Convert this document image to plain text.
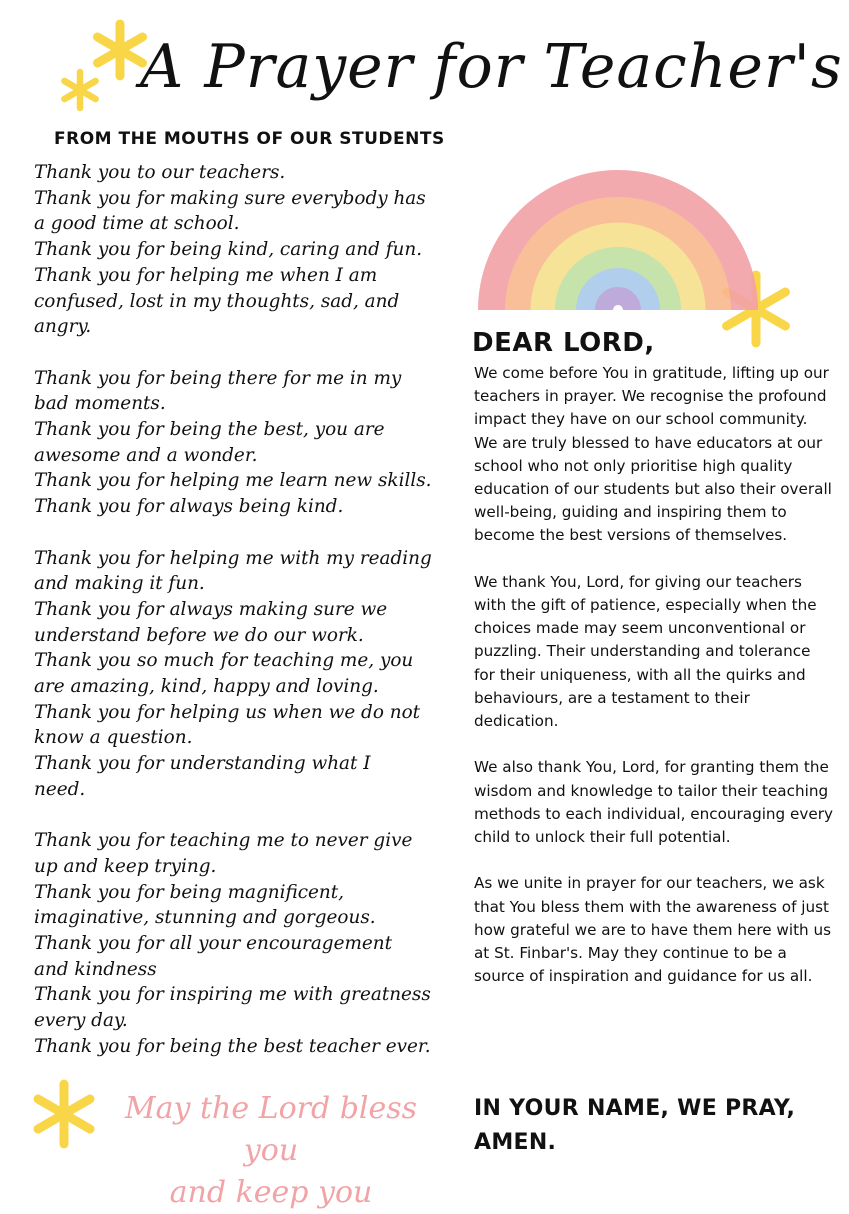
A Prayer for Teacher's
FROM THE MOUTHS OF OUR STUDENTS
Thank you to our teachers.
Thank you for making sure everybody has
a good time at school.
Thank you for being kind, caring and fun.
Thank you for helping me when I am
confused, lost in my thoughts, sad, and
angry.
Thank you for being there for me in my
bad moments.
Thank you for being the best, you are
awesome and a wonder.
Thank you for helping me learn new skills.
Thank you for always being kind.
Thank you for helping me with my reading
and making it fun.
Thank you for always making sure we
understand before we do our work.
Thank you so much for teaching me, you
are amazing, kind, happy and loving.
Thank you for helping us when we do not
know a question.
Thank you for understanding what I
need.
Thank you for teaching me to never give
up and keep trying.
Thank you for being magnificent,
imaginative, stunning and gorgeous.
Thank you for all your encouragement
and kindness
Thank you for inspiring me with greatness
every day.
Thank you for being the best teacher ever.
May the Lord bless you
and keep you
DEAR LORD,

We come before You in gratitude, lifting up our teachers in prayer. We recognise the profound impact they have on our school community. We are truly blessed to have educators at our school who not only prioritise high quality education of our students but also their overall well-being, guiding and inspiring them to become the best versions of themselves.

We thank You, Lord, for giving our teachers with the gift of patience, especially when the choices made may seem unconventional or puzzling. Their understanding and tolerance for their uniqueness, with all the quirks and behaviours, are a testament to their dedication.

We also thank You, Lord, for granting them the wisdom and knowledge to tailor their teaching methods to each individual, encouraging every child to unlock their full potential.

As we unite in prayer for our teachers, we ask that You bless them with the awareness of just how grateful we are to have them here with us at St. Finbar's. May they continue to be a source of inspiration and guidance for us all.

IN YOUR NAME, WE PRAY,
AMEN.
